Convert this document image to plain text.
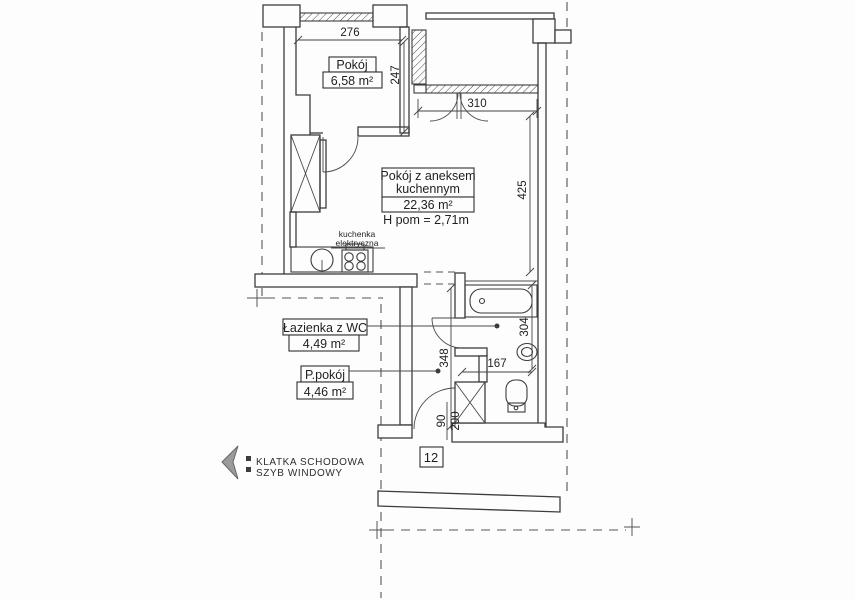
276
247
310
425
304
348	167
90 200
Pokój
6,58 m²
Pokój z aneksem
kuchennym
22,36 m²
H pom = 2,71m
Łazienka z WC
4,49 m²
P.pokój
4,46 m²
kuchenka
elektryczna
12
KLATKA SCHODOWA
SZYB WINDOWY
